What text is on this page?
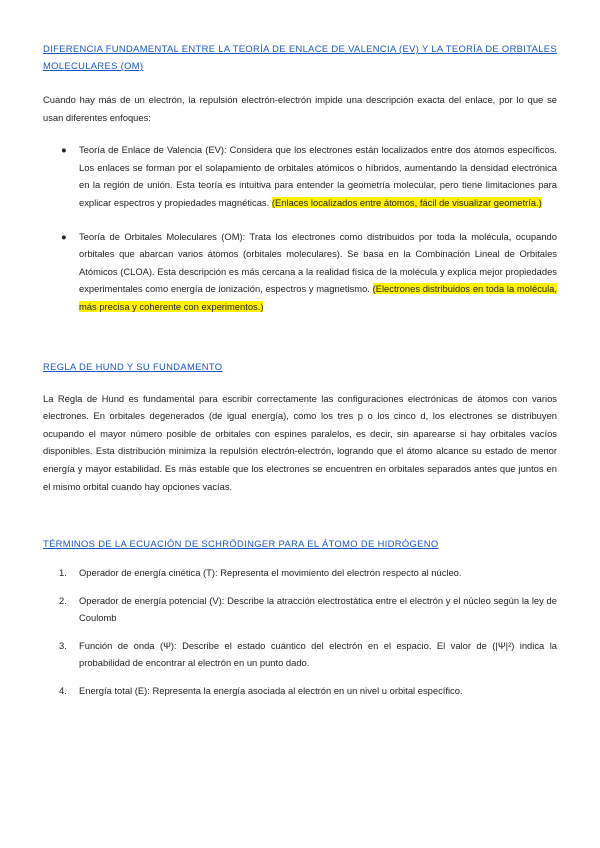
DIFERENCIA FUNDAMENTAL ENTRE LA TEORÍA DE ENLACE DE VALENCIA (EV) Y LA TEORÍA DE ORBITALES MOLECULARES (OM)

Cuando hay más de un electrón, la repulsión electrón-electrón impide una descripción exacta del enlace, por lo que se usan diferentes enfoques:

● Teoría de Enlace de Valencia (EV): Considera que los electrones están localizados entre dos átomos específicos. Los enlaces se forman por el solapamiento de orbitales atómicos o híbridos, aumentando la densidad electrónica en la región de unión. Esta teoría es intuitiva para entender la geometría molecular, pero tiene limitaciones para explicar espectros y propiedades magnéticas. (Enlaces localizados entre átomos, fácil de visualizar geometría.)
● Teoría de Orbitales Moleculares (OM): Trata los electrones como distribuidos por toda la molécula, ocupando orbitales que abarcan varios átomos (orbitales moleculares). Se basa en la Combinación Lineal de Orbitales Atómicos (CLOA). Esta descripción es más cercana a la realidad física de la molécula y explica mejor propiedades experimentales como energía de ionización, espectros y magnetismo. (Electrones distribuidos en toda la molécula, más precisa y coherente con experimentos.)

REGLA DE HUND Y SU FUNDAMENTO

La Regla de Hund es fundamental para escribir correctamente las configuraciones electrónicas de átomos con varios electrones. En orbitales degenerados (de igual energía), como los tres p o los cinco d, los electrones se distribuyen ocupando el mayor número posible de orbitales con espines paralelos, es decir, sin aparearse si hay orbitales vacíos disponibles. Esta distribución minimiza la repulsión electrón-electrón, logrando que el átomo alcance su estado de menor energía y mayor estabilidad. Es más estable que los electrones se encuentren en orbitales separados antes que juntos en el mismo orbital cuando hay opciones vacías.

TÉRMINOS DE LA ECUACIÓN DE SCHRÖDINGER PARA EL ÁTOMO DE HIDRÓGENO

1. Operador de energía cinética (T): Representa el movimiento del electrón respecto al núcleo.
2. Operador de energía potencial (V): Describe la atracción electrostática entre el electrón y el núcleo según la ley de Coulomb
3. Función de onda (Ψ): Describe el estado cuántico del electrón en el espacio. El valor de (|Ψ|²) indica la probabilidad de encontrar al electrón en un punto dado.
4. Energía total (E): Representa la energía asociada al electrón en un nivel u orbital específico.
